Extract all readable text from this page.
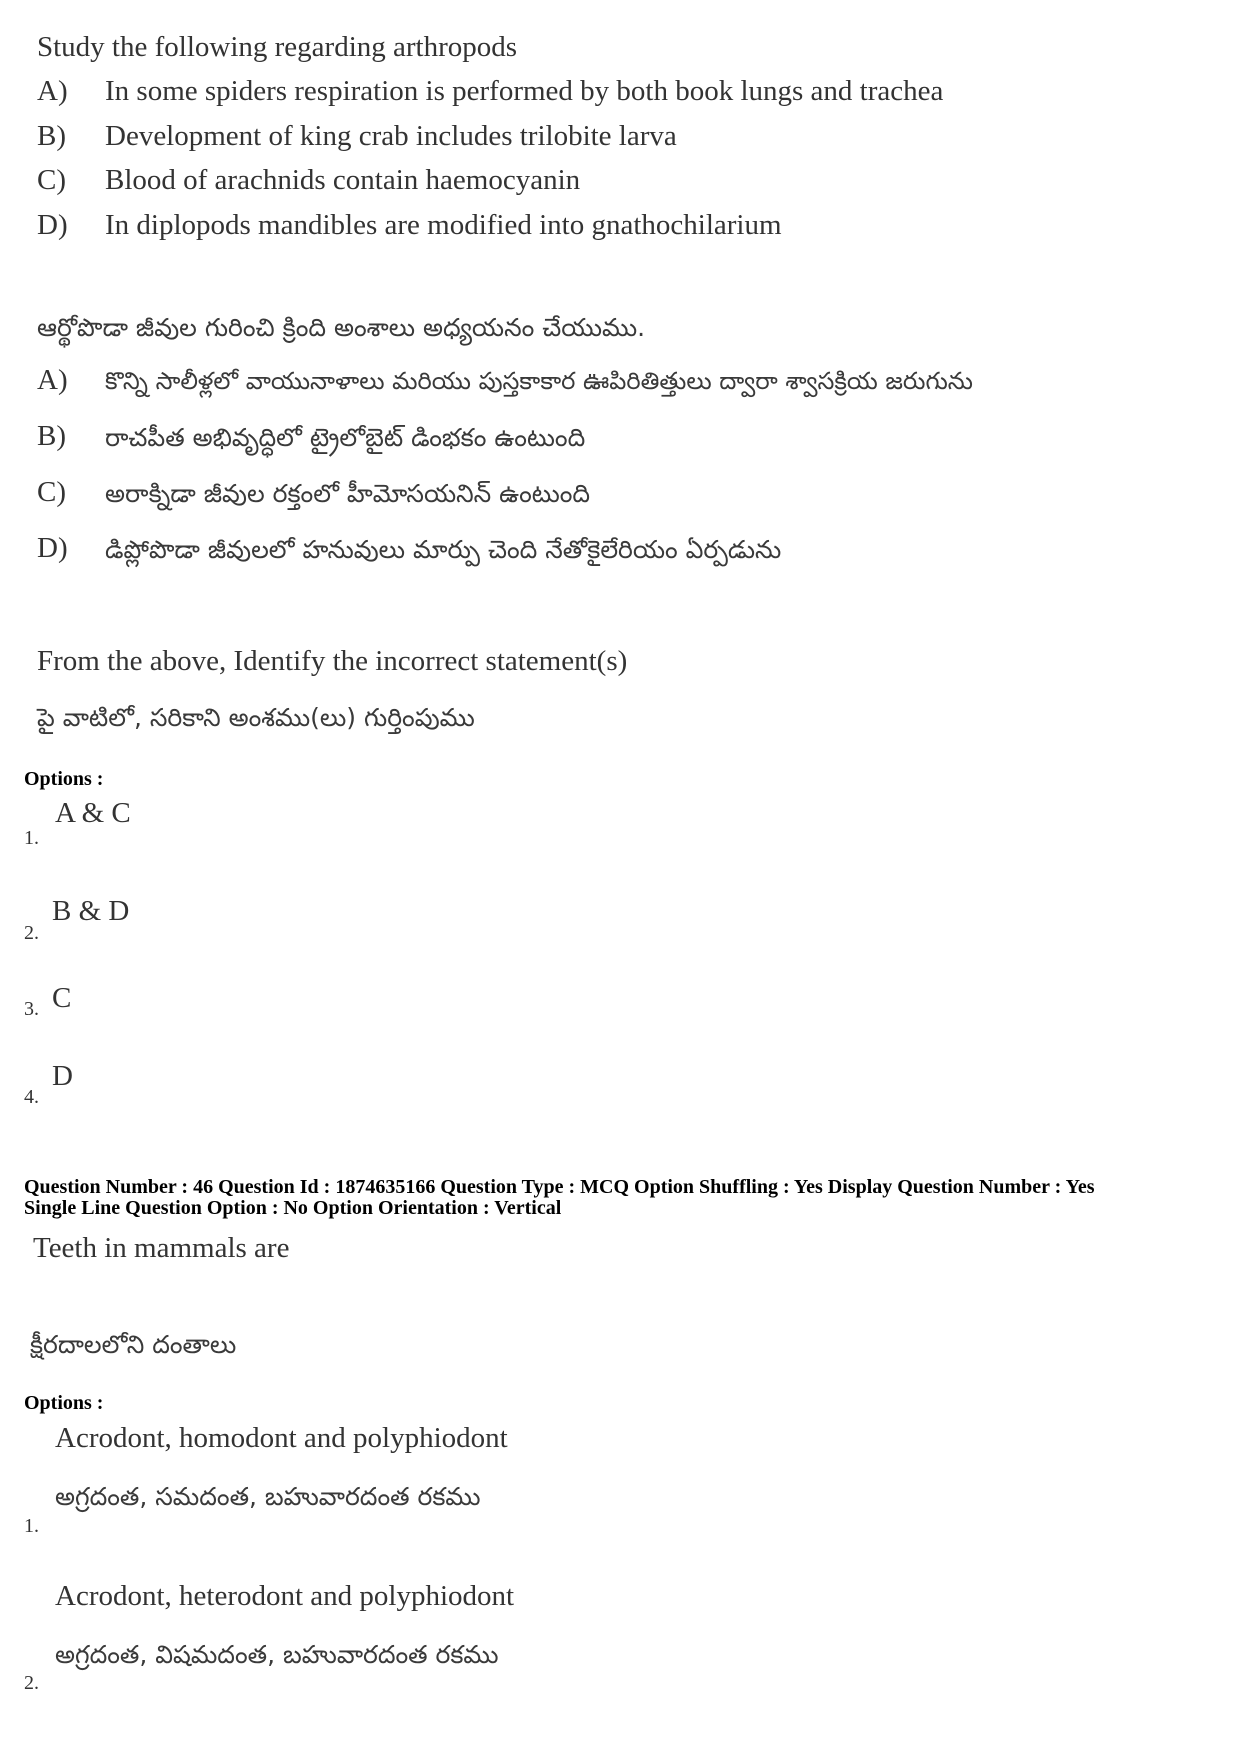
Study the following regarding arthropods
A) In some spiders respiration is performed by both book lungs and trachea
B) Development of king crab includes trilobite larva
C) Blood of arachnids contain haemocyanin
D) In diplopods mandibles are modified into gnathochilarium
ఆర్థోపొడా జీవుల గురించి క్రింది అంశాలు అధ్యయనం చేయుము.
A) కొన్ని సాలీళ్లలో వాయునాళాలు మరియు పుస్తకాకార ఊపిరితిత్తులు ద్వారా శ్వాసక్రియ జరుగును
B) రాచపీత అభివృద్ధిలో ట్రైలోబైట్ డింభకం ఉంటుంది
C) అరాక్నిడా జీవుల రక్తంలో హీమోసయనిన్ ఉంటుంది
D) డిప్లోపొడా జీవులలో హనువులు మార్పు చెంది నేతోకైలేరియం ఏర్పడును
From the above, Identify the incorrect statement(s)
పై వాటిలో, సరికాని అంశము(లు) గుర్తింపుము
Options :
1.
A & C
2.
B & D
3. C
4.
D
Question Number : 46 Question Id : 1874635166 Question Type : MCQ Option Shuffling : Yes Display Question Number : Yes
Single Line Question Option : No Option Orientation : Vertical
Teeth in mammals are
క్షీరదాలలోని దంతాలు
Options :
Acrodont, homodont and polyphiodont
అగ్రదంత, సమదంత, బహువారదంత రకము
1.
Acrodont, heterodont and polyphiodont
అగ్రదంత, విషమదంత, బహువారదంత రకము
2.
